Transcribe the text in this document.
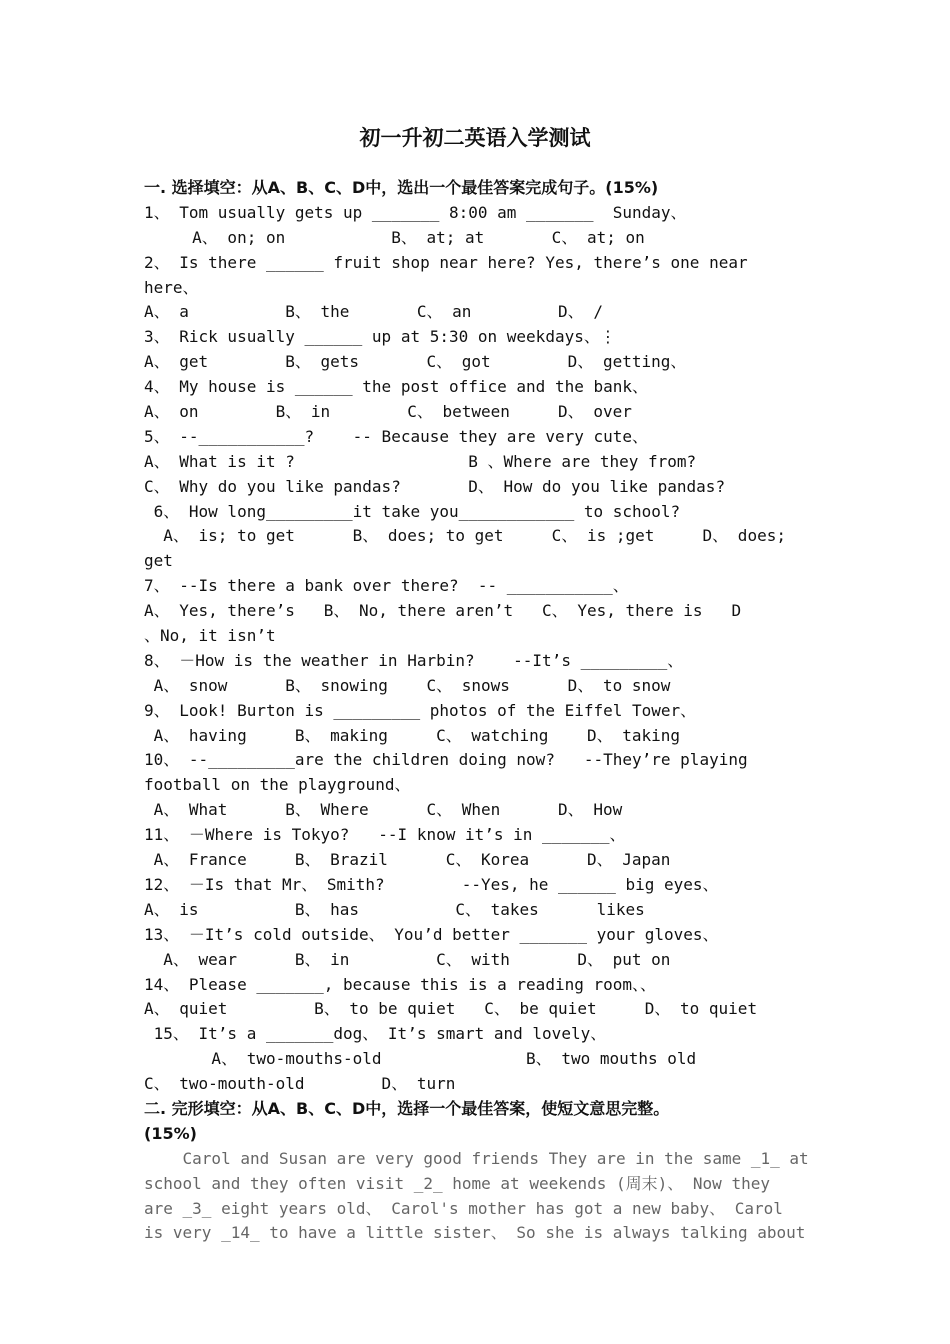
初一升初二英语入学测试
一. 选择填空：从A、B、C、D中，选出一个最佳答案完成句子。(15%)
1、 Tom usually gets up _______ 8:00 am _______  Sunday、
A、 on; on           B、 at; at       C、 at; on
2、 Is there ______ fruit shop near here? Yes, there’s one near
here、
A、 a          B、 the       C、 an         D、 /
3、 Rick usually ______ up at 5:30 on weekdays、⋮
A、 get        B、 gets       C、 got        D、 getting、
4、 My house is ______ the post office and the bank、
A、 on        B、 in        C、 between     D、 over
5、 --___________?    -- Because they are very cute、
A、 What is it ?                  B 、Where are they from?
C、 Why do you like pandas?       D、 How do you like pandas?
6、 How long_________it take you____________ to school?
A、 is; to get      B、 does; to get     C、 is ;get     D、 does;
get
7、 --Is there a bank over there?  -- ___________、
A、 Yes, there’s   B、 No, there aren’t   C、 Yes, there is   D
、No, it isn’t
8、 －How is the weather in Harbin?    --It’s _________、
A、 snow      B、 snowing    C、 snows      D、 to snow
9、 Look! Burton is _________ photos of the Eiffel Tower、
A、 having     B、 making     C、 watching    D、 taking
10、 --_________are the children doing now?   --They’re playing
football on the playground、
A、 What      B、 Where      C、 When      D、 How
11、 －Where is Tokyo?   --I know it’s in _______、
A、 France     B、 Brazil      C、 Korea      D、 Japan
12、 －Is that Mr、 Smith?        --Yes, he ______ big eyes、
A、 is          B、 has          C、 takes      likes
13、 －It’s cold outside、 You’d better _______ your gloves、
A、 wear      B、 in         C、 with       D、 put on
14、 Please _______, because this is a reading room、、
A、 quiet         B、 to be quiet   C、 be quiet     D、 to quiet
15、 It’s a _______dog、 It’s smart and lovely、
A、 two-mouths-old               B、 two mouths old
C、 two-mouth-old        D、 turn
二. 完形填空：从A、B、C、D中，选择一个最佳答案，使短文意思完整。
(15%)
Carol and Susan are very good friends They are in the same _1_ at
school and they often visit _2_ home at weekends (周末)、 Now they
are _3_ eight years old、 Carol's mother has got a new baby、 Carol
is very _14_ to have a little sister、 So she is always talking about
